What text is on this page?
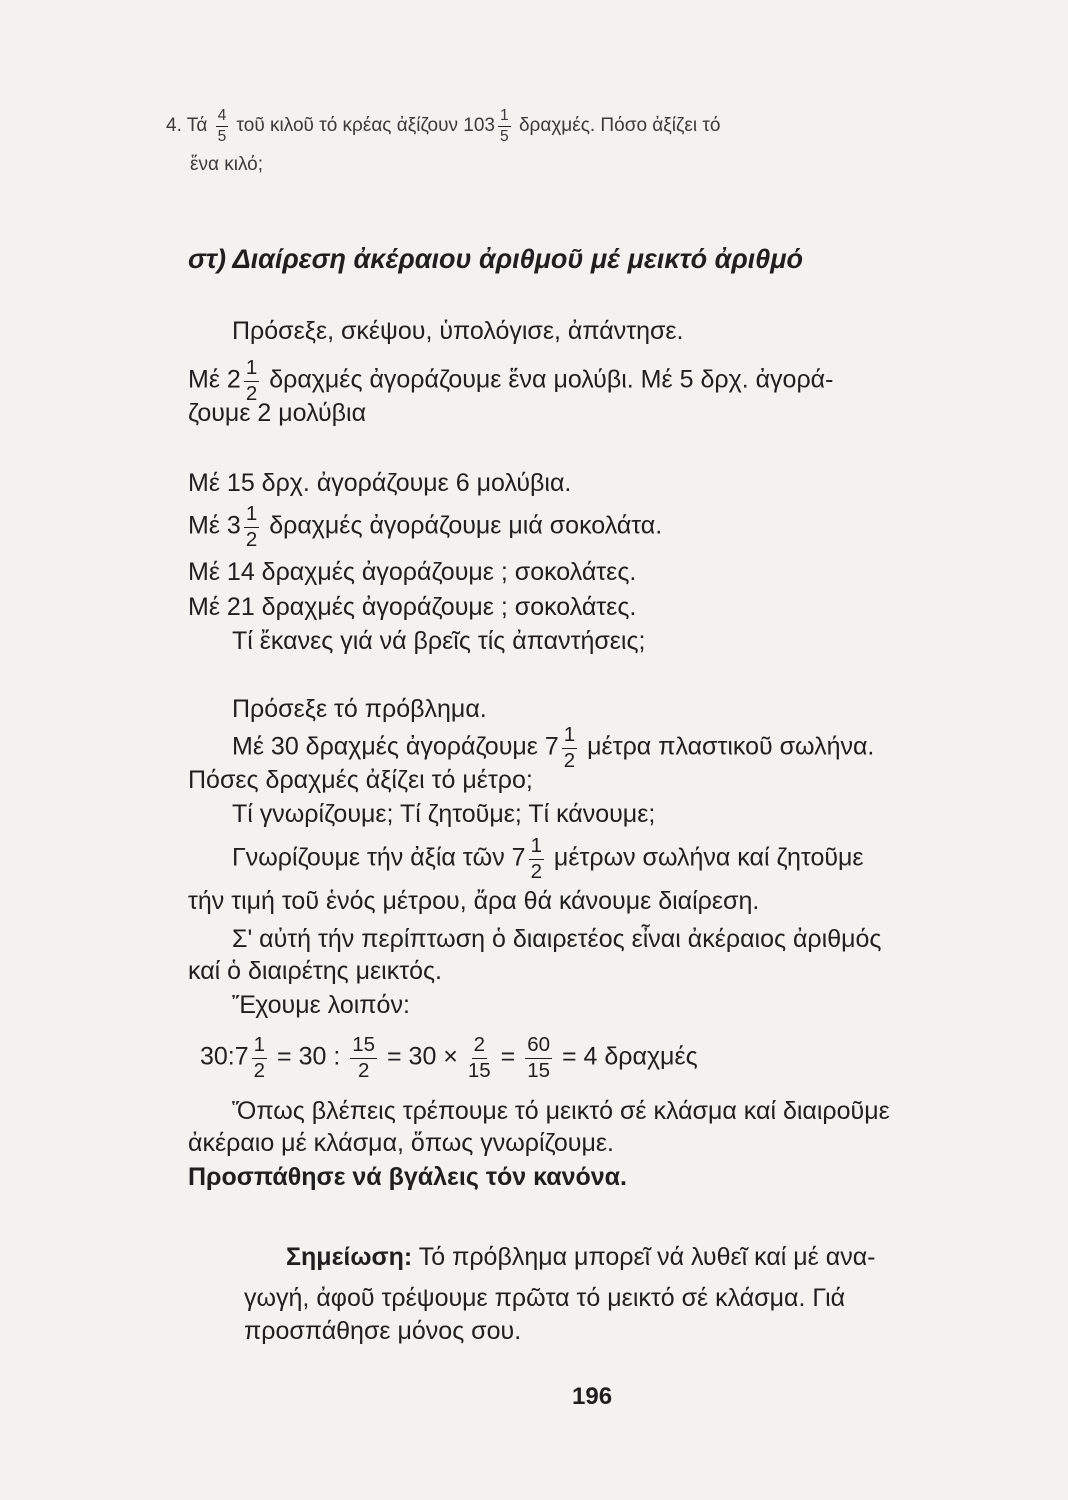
4. Τά $\frac{4}{5}$ τοῦ κιλοῦ τό κρέας ἀξίζουν $103 \frac{1}{5} \delta\rho\alpha\chi\mu έ\varsigma$. Πόσο ἀξίζει τό
ἕνα κιλό;
στ) Διαίρεση ἀκέραιου ἀριθμοῦ μέ μεικτό ἀριθμό
Πρόσεξε, σκέψου, ὑπολόγισε, ἀπάντησε.
Μέ $2 \frac{1}{2}$ δραχμές ἀγοράζουμε ἕνα μολύβι. Μέ 5 δρχ. ἀγορά-
ζουμε 2 μολύβια
Μέ 15 δρχ. ἀγοράζουμε 6 μολύβια.
Μέ $3 \frac{1}{2}$ δραχμές ἀγοράζουμε μιά σοκολάτα.
Μέ 14 δραχμές ἀγοράζουμε ; σοκολάτες.
Μέ 21 δραχμές ἀγοράζουμε ; σοκολάτες.
Τί ἔκανες γιά νά βρεῖς τίς ἀπαντήσεις;
Πρόσεξε τό πρόβλημα.
Μέ 30 δραχμές ἀγοράζουμε $7 \frac{1}{2}$ μέτρα πλαστικοῦ σωλήνα.
Πόσες δραχμές ἀξίζει τό μέτρο;
Τί γνωρίζουμε; Τί ζητοῦμε; Τί κάνουμε;
Γνωρίζουμε τήν ἀξία τῶν $7 \frac{1}{2}$ μέτρων σωλήνα καί ζητοῦμε
τήν τιμή τοῦ ἑνός μέτρου, ἄρα θά κάνουμε διαίρεση.
Σ' αὐτή τήν περίπτωση ὁ διαιρετέος εἶναι ἀκέραιος ἀριθμός
καί ὁ διαιρέτης μεικτός.
Ἔχουμε λοιπόν:
30:7 $\frac{1}{2} = 30$ : $\frac{15}{2} = 30 \times \frac{2}{15} = \frac{60}{15} = 4$ δραχμές
Ὅπως βλέπεις τρέπουμε τό μεικτό σέ κλάσμα καί διαιροῦμε
ἀκέραιο μέ κλάσμα, ὅπως γνωρίζουμε.
Προσπάθησε νά βγάλεις τόν κανόνα.
Σημείωση: Τό πρόβλημα μπορεῖ νά λυθεῖ καί μέ ανα-
γωγή, ἀφοῦ τρέψουμε πρῶτα τό μεικτό σέ κλάσμα. Γιά
προσπάθησε μόνος σου.
196
